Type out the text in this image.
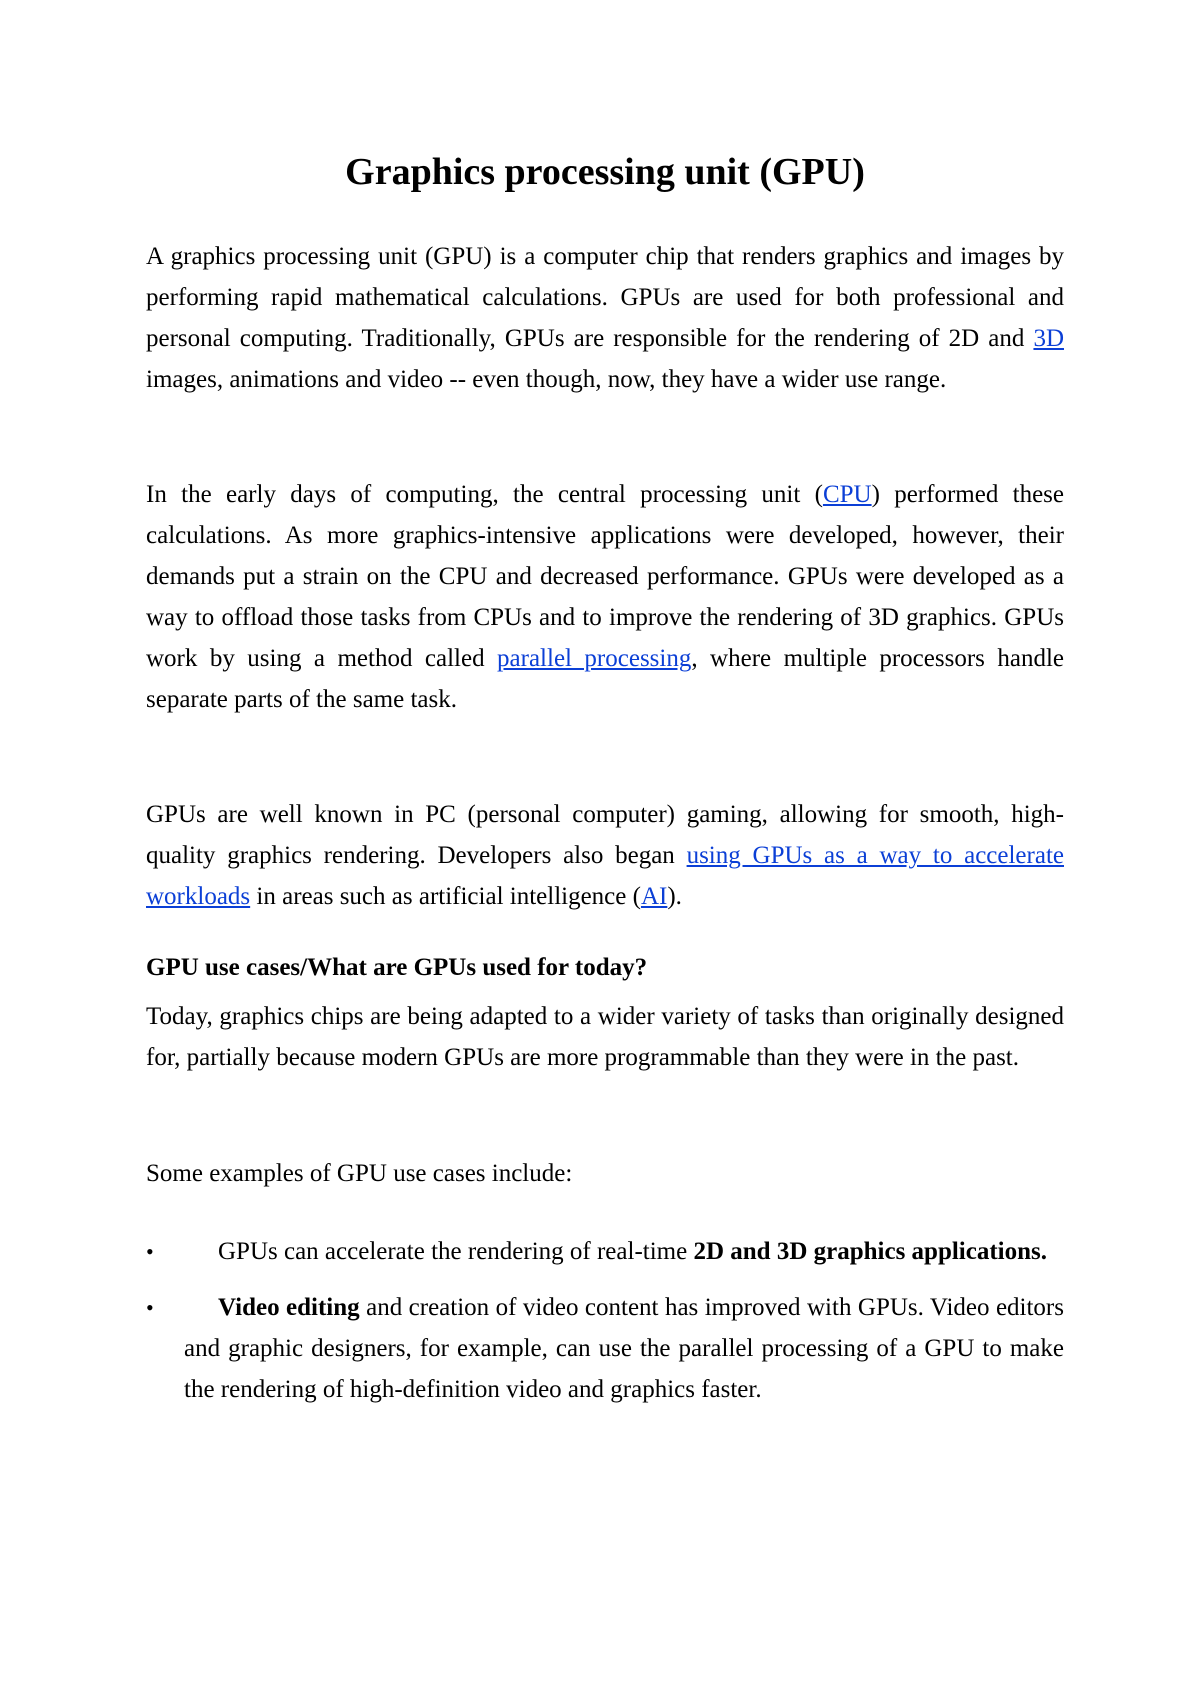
Graphics processing unit (GPU)

A graphics processing unit (GPU) is a computer chip that renders graphics and images by performing rapid mathematical calculations. GPUs are used for both professional and personal computing. Traditionally, GPUs are responsible for the rendering of 2D and 3D images, animations and video -- even though, now, they have a wider use range.

In the early days of computing, the central processing unit (CPU) performed these calculations. As more graphics-intensive applications were developed, however, their demands put a strain on the CPU and decreased performance. GPUs were developed as a way to offload those tasks from CPUs and to improve the rendering of 3D graphics. GPUs work by using a method called parallel processing, where multiple processors handle separate parts of the same task.

GPUs are well known in PC (personal computer) gaming, allowing for smooth, high-quality graphics rendering. Developers also began using GPUs as a way to accelerate workloads in areas such as artificial intelligence (AI).

GPU use cases/What are GPUs used for today?

Today, graphics chips are being adapted to a wider variety of tasks than originally designed for, partially because modern GPUs are more programmable than they were in the past.

Some examples of GPU use cases include:

•	GPUs can accelerate the rendering of real-time 2D and 3D graphics applications.
•	Video editing and creation of video content has improved with GPUs. Video editors and graphic designers, for example, can use the parallel processing of a GPU to make the rendering of high-definition video and graphics faster.
